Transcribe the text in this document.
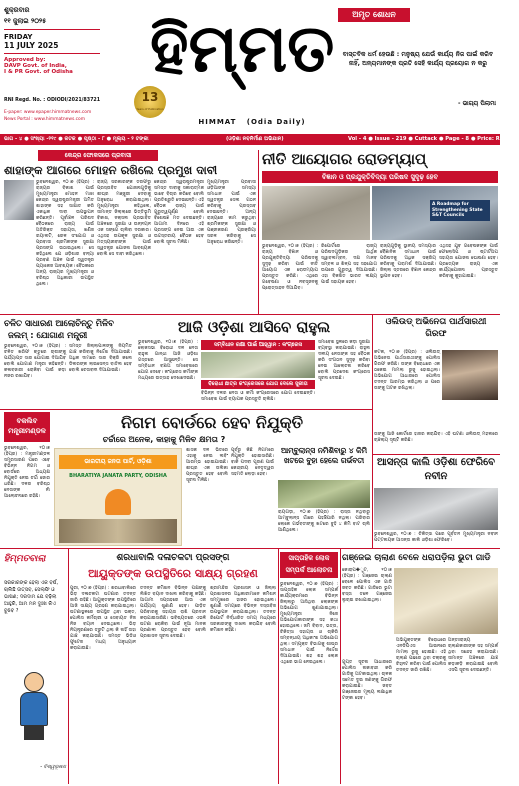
ଶୁକ୍ରବାର
୧୧ ଜୁଲାଇ ୨୦୨୫
FRIDAY
11 JULY 2025
Approved by:
DAVP Govt. of India,
I & PR Govt. of Odisha
RNI Regd. No. : ODIODI/2021/83721
E-paper: www.epaper.himmatnews.com
News Portal : www.himmatnews.com
ହିମ୍ମତ
13
Years of Publication
HIMMAT   (Odia Daily)
ଅମୃତ ଶୋଧନ
ବାସ୍ତବିକ ଧର୍ମ ହେଉଛି : ମନୁଷ୍ୟ ଯେଉଁ କାର୍ଯ୍ୟ ନିଜ ପାଇଁ କରିବ ନାହିଁ, ଅନ୍ୟମାନଙ୍କ ପ୍ରତି ସେହି କାର୍ଯ୍ୟ ପ୍ରୟୋଗ ନ କରୁ
- ଭାଗ୍ୟ ପିଲାମା
ଭାଗ - ୪ ● ସଂଖ୍ୟା -୨୧୯ ● କଟକ ● ପୃଷ୍ଠା - ୮ ● ମୂଲ୍ୟ - ୨ ଟଙ୍କା	(ଓଡ଼ିଶା ନବନିର୍ମାଣ ଅଭିଯାନ)	Vol - 4 ● Issue - 219 ● Cuttack ● Page - 8 ● Price: Rs. 2.00
କେନ୍ଦ୍ର ଫୋକସରେ ପ୍ରବାସୀ
ଶାହାଙ୍କ ଆଗରେ ମୋହନ ରଖିଲେ ପ୍ରମୁଖ ଦାବୀ
ଭୁବନେଶ୍ୱର, ୧୦।୭ (ହିପ୍ର) : ରାଜ୍ୟର ବିକାଶ ପାଇଁ ମୁଖ୍ୟମନ୍ତ୍ରୀ ମୋହନ ମାଝୀ କେନ୍ଦ୍ର ସ୍ୱରାଷ୍ଟ୍ରମନ୍ତ୍ରୀ ଅମିତ ଶାହାଙ୍କ ସହ ସାକ୍ଷାତ କରି ଏକାଧିକ ଦାବୀ ଉପସ୍ଥାପନ କରିଛନ୍ତି। ପୂର୍ବାଞ୍ଚଳ ପରିଷଦ ବୈଠକରେ ରାଜ୍ୟ ପାଇଁ ଅତିରିକ୍ତ ସହାୟତା, ଖଣିଜ ରୟାଲଟି, ରେଳ ସଂଯୋଗ ଓ ପ୍ରବାସୀ ଶ୍ରମିକଙ୍କ ସୁରକ୍ଷା ପ୍ରସଙ୍ଗ ଉଠାଇଥିଲେ। ସେ କହିଥିଲେ ଯେ ଓଡ଼ିଶାର ବନ୍ୟା ପ୍ରବଣ ଅଞ୍ଚଳ ପାଇଁ ସ୍ୱତନ୍ତ୍ର ପ୍ୟାକେଜ ଆବଶ୍ୟକ। ବୈଠକରେ ଅନ୍ୟ ରାଜ୍ୟର ମୁଖ୍ୟମନ୍ତ୍ରୀ ଓ ବରିଷ୍ଠ ଅଧିକାରୀ ଉପସ୍ଥିତ ଥିଲେ।
ରାଜ୍ୟ ସରକାରଙ୍କ ତରଫରୁ ପ୍ରସ୍ତାବିତ ଯୋଜନାଗୁଡ଼ିକୁ ଶୀଘ୍ର ମଞ୍ଜୁରୀ ଦେବାକୁ ଅନୁରୋଧ କରାଯାଇଥିଲା। ମୁଖ୍ୟମନ୍ତ୍ରୀ କହିଥିଲେ, ସୀମାନ୍ତ ଜିଲ୍ଲାରେ ଭିତ୍ତିଭୂମି ବିକାଶ, ନକ୍ସଲ ପ୍ରଭାବିତ ଅଞ୍ଚଳରେ ସୁରକ୍ଷା ଓ ଉନ୍ନୟନ ଏକ ସଙ୍ଗେ ଚାଲିବା ଦରକାର। ଏଥିସହ ଉପକୂଳ ସୁରକ୍ଷା ଓ ମତ୍ସ୍ୟଜୀବୀଙ୍କ ପାଇଁ ସ୍ୱତନ୍ତ୍ର ଯୋଜନା ଆବଶ୍ୟକ ବୋଲି ସେ ଦାବୀ କରିଥିଲେ।
କେନ୍ଦ୍ର ସ୍ୱରାଷ୍ଟ୍ରମନ୍ତ୍ରୀ ସମସ୍ତ ଦାବୀକୁ ସକାରାତ୍ମକ ଭାବେ ବିଚାର କରିବେ ବୋଲି ପ୍ରତିଶ୍ରୁତି ଦେଇଛନ୍ତି। ଏହି ବୈଠକ ରାଜ୍ୟ ପାଇଁ ଗୁରୁତ୍ୱପୂର୍ଣ୍ଣ ବୋଲି ବିଶେଷଜ୍ଞ ମତ ଦେଇଛନ୍ତି। ଆଗାମୀ ଦିନରେ ଏହି ପ୍ରସଙ୍ଗ ନେଇ ଆଉ ଏକ ଉଚ୍ଚସ୍ତରୀୟ ବୈଠକ ହେବ ବୋଲି ସୂଚନା ମିଳିଛି।
ମୁଖ୍ୟମନ୍ତ୍ରୀ ପ୍ରବାସୀ ଓଡ଼ିଆଙ୍କ ସମସ୍ୟା ସମାଧାନ ପାଇଁ ଏକ ସ୍ୱତନ୍ତ୍ର ସେଲ ଗଠନ କରିବାକୁ ପ୍ରସ୍ତାବ ଦେଇଛନ୍ତି। ଅନ୍ୟ ରାଜ୍ୟରେ କାମ କରୁଥିବା ଶ୍ରମିକଙ୍କ ସୁରକ୍ଷା ଓ ପଞ୍ଜୀକରଣ ପ୍ରକ୍ରିୟା ସରଳ କରିବାକୁ ସେ ଅନୁରୋଧ କରିଛନ୍ତି।
ନୀତି ଆୟୋଗର ରୋଡମ୍ୟାପ୍
ବିଜ୍ଞାନ ଓ ପ୍ରଯୁକ୍ତିବିଦ୍ୟା ପରିଷଦ ସୁଦୃଢ଼ ହେବ
A Roadmap for Strengthening State S&T Councils
ଭୁବନେଶ୍ୱର, ୧୦।୭ (ହିପ୍ର) : ରାଜ୍ୟ ବିଜ୍ଞାନ ଓ ପ୍ରଯୁକ୍ତିବିଦ୍ୟା ପରିଷଦକୁ ସୁଦୃଢ଼ କରିବା ପାଇଁ ନୀତି ଆୟୋଗ ଏକ ରୋଡମ୍ୟାପ ପ୍ରସ୍ତୁତ କରିଛି। ଏଥିରେ ଗବେଷଣା ଓ ନବସୃଜନକୁ ପ୍ରୋତ୍ସାହନ ଦିଆଯିବ।
ରିପୋର୍ଟରେ ରାଜ୍ୟ ପରିଷଦଗୁଡ଼ିକର ଆର୍ଥିକ ସ୍ୱାବଲମ୍ବନ, ଦକ୍ଷ ମାନବ ସମ୍ବଳ ଓ ଶିଳ୍ପ ସହ ସହଯୋଗ ଉପରେ ଗୁରୁତ୍ୱ ଦିଆଯାଇଛି। ଏହା ବିକଶିତ ଭାରତ ଲକ୍ଷ୍ୟ ପାଇଁ ସହାୟକ ହେବ।
ରାଜ୍ୟଗୁଡ଼ିକୁ ସ୍ଥାନୀୟ ସମସ୍ୟାର ବୈଜ୍ଞାନିକ ସମାଧାନ ପାଇଁ ପରିଷଦକୁ ଅଧିକ ସକ୍ରିୟ କରିବାକୁ ପରାମର୍ଶ ଦିଆଯାଇଛି। ଜିଲ୍ଲା ସ୍ତରରେ ବିଜ୍ଞାନ କେନ୍ଦ୍ର ସ୍ଥାପନ ହେବ।
ଏଥିସହ ଯୁବ ଗବେଷକଙ୍କ ପାଇଁ ଫେଲୋସିପ ଓ ଷ୍ଟାର୍ଟଅପ ସହାୟତା ଯୋଜନା ଘୋଷଣା ହେବ। ପ୍ରତ୍ୟେକ ରାଜ୍ୟ ଏକ କାର୍ଯ୍ୟଯୋଜନା ପ୍ରସ୍ତୁତ କରିବାକୁ କୁହାଯାଇଛି।
ଚଳିତ ସାଧାରଣ ଆଲୋଚିନ୍ତୁ ମିଳିବ
ଜଲମ୍ : ଯୋଗାଣ ମନ୍ତ୍ରୀ
ଭୁବନେଶ୍ୱର, ୧୦।୭ (ହିପ୍ର) : ଚଳିତ ଖରିଫ ଋତୁରେ ଚାଷୀଙ୍କୁ ପର୍ଯ୍ୟାପ୍ତ ସାର ଯୋଗାଇ ଦିଆଯିବ ବୋଲି ଯୋଗାଣ ମନ୍ତ୍ରୀ କହିଛନ୍ତି। କଳାବଜାରୀ ରୋକିବା ପାଇଁ କଡ଼ା ନଜର ରଖାଯିବ।
ସମସ୍ତ ଜିଲ୍ଲାପାଳଙ୍କୁ ନିୟମିତ ଯାଞ୍ଚ କରିବାକୁ ନିର୍ଦ୍ଦେଶ ଦିଆଯାଇଛି। ଅଧିକ ଦାମରେ ସାର ବିକ୍ରି କଲେ ଡିଲରଙ୍କ ଲାଇସେନ୍ସ ବାତିଲ ହେବ ବୋଲି ଚେତାବନୀ ଦିଆଯାଇଛି।
ଆଜି ଓଡ଼ିଶା ଆସିବେ ରାହୁଲ
ଭୁବନେଶ୍ୱର, ୧୦।୭ (ହିପ୍ର) : ଲୋକସଭା ବିରୋଧୀ ଦଳ ନେତା ରାହୁଲ ଗାନ୍ଧୀ ଆଜି ଓଡ଼ିଶା ଗସ୍ତରେ ଆସୁଛନ୍ତି। ସେ ସମ୍ବିଧାନ ବଞ୍ଚାଅ ସମାବେଶରେ ଯୋଗ ଦେବେ। କଂଗ୍ରେସ କର୍ମୀଙ୍କ ମଧ୍ୟରେ ଉତ୍ସାହ ଦେଖାଦେଇଛି।
ସମ୍ବିଧାନ ରକ୍ଷା ପାଇଁ ଆହ୍ୱାନ : କଂଗ୍ରେସ
ବିରୋଧୀ ଛାତ୍ର କଂଗ୍ରେସରେ ଯୋଗ ଦେଲେ ସୁରୀତା
ବିଭିନ୍ନ ଦଳର ନେତା ଓ କର୍ମୀ କଂଗ୍ରେସରେ ଯୋଗ ଦେଇଛନ୍ତି। ସମାବେଶ ପାଇଁ ବ୍ୟାପକ ପ୍ରସ୍ତୁତି ଚାଲିଛି।
ସମାବେଶ ସ୍ଥଳରେ କଡ଼ା ସୁରକ୍ଷା ବ୍ୟବସ୍ଥା କରାଯାଇଛି। ରାହୁଲ ଦଳୀୟ ନେତାଙ୍କ ସହ ବୈଠକ କରି ସଂଗଠନ ସୁଦୃଢ଼ କରିବା ନେଇ ଆଲୋଚନା କରିବେ ବୋଲି ପ୍ରଦେଶ କଂଗ୍ରେସ ସୂଚନା ଦେଇଛି।
ଓଲିଉଡ୍ ଅଭିନେତା ପାର୍ଥସାରଥୀ ଗିରଫ
କଟକ, ୧୦।୭ (ହିପ୍ର) : ଓଲିଉଡ୍ ଅଭିନେତା ପାର୍ଥସାରଥୀଙ୍କୁ ପୋଲିସ ଗିରଫ କରିଛି। ତାଙ୍କ ବିରୋଧରେ ଏକ ଠକେଇ ମାମଲା ରୁଜୁ ହୋଇଥିଲା। ଅଭିଯୋଗ ଆଧାରରେ ପୋଲିସ ତଦନ୍ତ ଆରମ୍ଭ କରିଥିଲା ଓ ପରେ ତାଙ୍କୁ ଅଟକ ରଖିଥିଲା।
ତାଙ୍କୁ ଆଜି କୋର୍ଟରେ ହାଜର କରାଯିବ। ଏହି ଘଟଣା ଓଲିଉଡ୍ ମହଲରେ ଚାଞ୍ଚଲ୍ୟ ସୃଷ୍ଟି କରିଛି।
ବକଲିବ ମନ୍ତ୍ରୀମଣ୍ଡଳ	ନିଗମ ବୋର୍ଡରେ ହେବ ନିଯୁକ୍ତି
ଚର୍ଚ୍ଚାରେ ଅନେକ, କାହାକୁ ମିଳିବ କ୍ଷମତା ?
ଭୁବନେଶ୍ୱର, ୧୦।୭ (ହିପ୍ର) : ମନ୍ତ୍ରୀମଣ୍ଡଳ ସମ୍ପ୍ରସାରଣ ପରେ ଏବେ ବିଭିନ୍ନ ନିଗମ ଓ ବୋର୍ଡରେ ଅଧ୍ୟକ୍ଷ ନିଯୁକ୍ତି ନେଇ ଚର୍ଚ୍ଚା ଜୋର ଧରିଛି। ଦଳର ବରିଷ୍ଠ ନେତାଙ୍କ ନାଁ ଆଲୋଚନାରେ ରହିଛି।
ଭାରତୀୟ ଜନତା ପାର୍ଟି, ଓଡ଼ିଶା
BHARATIYA JANATA PARTY, ODISHA
ଶାସକ ଦଳ ଭିତରେ ଏହାକୁ ନେଇ ଲବିଂ ଆରମ୍ଭ ହୋଇଯାଇଛି। ଶୀଘ୍ର ଏକ ତାଲିକା ପ୍ରସ୍ତୁତ ହେବ ବୋଲି ସୂଚନା ମିଳିଛି।
ପୂର୍ବରୁ କିଛି ନିଗମରେ ନିଯୁକ୍ତି ହୋଇସାରିଛି। ବାକି ପଦବୀ ପୂରଣ ପାଇଁ କେନ୍ଦ୍ରୀୟ ନେତୃତ୍ୱର ସହମତି ଲୋଡ଼ା ହେବ।
ଆମ୍ବୁଲାନ୍ସ ନମିଶିବାରୁ ୪ କିମି ଖଟରେ ବୁହା ହେଲେ ଗର୍ଭବତୀ
ରାୟଗଡ଼ା, ୧୦।୭ (ହିପ୍ର) : ରାସ୍ତା ନଥିବାରୁ ଆମ୍ବୁଲାନ୍ସ ଗାଁରେ ପହଞ୍ଚିପାରି ନଥିଲା। ପରିବାର ଲୋକେ ଗର୍ଭବତୀଙ୍କୁ ଖଟରେ ବୁହି ୪ କିମି ବାଟ ଚାଲି ଆଣିଥିଲେ।
ଆସନ୍ତା କାଲି ଓଡ଼ିଶା ଫେରିବେ ନବୀନ
ଭୁବନେଶ୍ୱର, ୧୦।୭ : ଚିକିତ୍ସା ପରେ ପୂର୍ବତନ ମୁଖ୍ୟମନ୍ତ୍ରୀ ନବୀନ ପଟ୍ଟନାୟକ ଆସନ୍ତା କାଲି ଓଡ଼ିଶା ଫେରିବେ।
ହିମ୍ମତବାଲା
ସରକାରଙ୍କ ହେଲା ଏକ ବର୍ଷ, ଚାଲିଛି ଉତ୍ସବ, ସେଲ୍ଫି ଓ ଭାଷଣ; ଦରଦାମ ଯେ ବଢ଼ିଲା ଆହୁରି, ଆମ ମନ ଦୁଃଖ କିଏ ବୁଝିବ ?
- ବିଶ୍ୱଭୂଷଣ
ଶରଧାବାଲି ଦଳାଚକଟା ପ୍ରସଙ୍ଗ
ଆୟୁକ୍ତଙ୍କ ଉପସ୍ଥିତିରେ ସାକ୍ଷ୍ୟ ଗ୍ରହଣ
ପୁରୀ, ୧୦।୭ (ହିପ୍ର) : ଶରଧାବାଲିରେ ଭିଡ଼ ଦଳାଚକଟା ଘଟଣାର ତଦନ୍ତ ଜାରି ରହିଛି। ଆୟୁକ୍ତଙ୍କ ଉପସ୍ଥିତିରେ ଆଜି ସାକ୍ଷ୍ୟ ଗ୍ରହଣ କରାଯାଇଥିଲା। ଘଟଣାସ୍ଥଳରେ ଉପସ୍ଥିତ ଥିବା ଭକ୍ତ, ପୋଲିସ କର୍ମଚାରୀ ଓ ସେବାୟତ ନିଜ ନିଜ ବୟାନ ଦେଇଥିଲେ। ଭିଡ଼ ନିୟନ୍ତ୍ରଣରେ ତ୍ରୁଟି ଥିଲା କି ନାହିଁ ତାହା ଯାଞ୍ଚ କରାଯାଉଛି। ସମସ୍ତ ଭିଡିଓ ଫୁଟେଜ ମଧ୍ୟ ଅନୁଧ୍ୟାନ କରାଯାଉଛି।
ତଦନ୍ତ କମିଶନ ବିଭିନ୍ନ ପକ୍ଷଙ୍କୁ ଲିଖିତ ବୟାନ ଦାଖଲ କରିବାକୁ କହିଛି। ଆଗାମୀ ସପ୍ତାହରେ ଆଉ ଏକ ପର୍ଯ୍ୟାୟ ଶୁଣାଣି ହେବ। ପୀଡ଼ିତ ପରିବାରକୁ ସହାୟତା ରାଶି ପ୍ରଦାନ କରାଯାଇସାରିଛି। ଭବିଷ୍ୟତରେ ଏଭଳି ଘଟଣା ରୋକିବା ପାଇଁ ନୂଆ ମାନକ ପ୍ରଣାଳୀ ପ୍ରସ୍ତୁତ ହେବ ବୋଲି ପ୍ରଶାସନ ସୂଚନା ଦେଇଛି।
ଶ୍ରୀମନ୍ଦିର ପ୍ରଶାସନ ଓ ଜିଲ୍ଲା ପ୍ରଶାସନର ଅଧିକାରୀମାନେ କମିଶନ ସମ୍ମୁଖରେ ହାଜର ହୋଇଥିଲେ। ଶୁଣାଣି ସମୟରେ ବିଭିନ୍ନ ଦସ୍ତାବିଜ ଉପସ୍ଥାପନ କରାଯାଇଥିଲା। ତଦନ୍ତ ରିପୋର୍ଟ ନିର୍ଦ୍ଧାରିତ ସମୟ ମଧ୍ୟରେ ସରକାରଙ୍କୁ ଦାଖଲ କରାଯିବ ବୋଲି କମିଶନ କହିଛି।
ସାପ୍ତାହିକ ଲୋକ
ସମ୍ପର୍କ ଆଲୋଚନା
ଭୁବନେଶ୍ୱର, ୧୦।୭ (ହିପ୍ର) : ସାପ୍ତାହିକ ଲୋକ ସମ୍ପର୍କ କାର୍ଯ୍ୟକ୍ରମରେ ବିଭିନ୍ନ ଜିଲ୍ଲାରୁ ଆସିଥିବା ଲୋକଙ୍କ ଅଭିଯୋଗ ଶୁଣାଯାଇଥିଲା। ମୁଖ୍ୟମନ୍ତ୍ରୀ ନିଜେ ଅଭିଯୋଗକାରୀଙ୍କ ସହ କଥା ହୋଇଥିଲେ। ଜମି ବିବାଦ, ଭତ୍ତା, ଚିକିତ୍ସା ସହାୟତା ଓ ଚାକିରି ସମ୍ବନ୍ଧୀୟ ଅଧିକାଂଶ ଅଭିଯୋଗ ଥିଲା। ସମ୍ପୃକ୍ତ ବିଭାଗକୁ ଶୀଘ୍ର ସମାଧାନ ପାଇଁ ନିର୍ଦ୍ଦେଶ ଦିଆଯାଇଛି। ଶହ ଶହ ଲୋକ ଏଥିରେ ଭାଗ ନେଇଥିଲେ।
ଗଞ୍ଜେଇ ଚାଲାଣ ବେଳେ ଧରାପଡ଼ିଲା ଭୁଟା ଗାଡି
କୋରାପ�ୁଟ, ୧୦।୭ (ହିପ୍ର) : ଗଞ୍ଜେଇ ଚାଲାଣ ବେଳେ ପୋଲିସ ଏକ ଗାଡି ଜବତ କରିଛି। ଗାଡିରେ ଭୁଟା ବସ୍ତା ତଳେ ଗଞ୍ଜେଇ ଲୁଚାଇ ରଖାଯାଇଥିଲା।
ଗୁପ୍ତ ସୂଚନା ଆଧାରରେ ପୋଲିସ ନାକାବନ୍ଦୀ କରି ଗାଡିକୁ ଅଟକାଇଥିଲା। ଚାଳକ ସମେତ ଦୁଇ ଜଣଙ୍କୁ ଗିରଫ କରାଯାଇଛି। ଜବତ ଗଞ୍ଜେଇର ମୂଲ୍ୟ ଲକ୍ଷାଧିକ ଟଙ୍କା ହେବ।
ଅଭିଯୁକ୍ତଙ୍କ ବିରୋଧରେ ଏନଡିପିଏସ ଆଇନରେ ମାମଲା ରୁଜୁ ହୋଇଛି। ଏହି ଚାଲାଣ ପଛରେ ଥିବା ଚକ୍ରକୁ ଚିହ୍ନଟ କରିବା ପାଇଁ ପୋଲିସ ତଦନ୍ତ ଜାରି ରଖିଛି।
ଅନ୍ତଃରାଜ୍ୟ ଚାଲାଣକାରୀଙ୍କ ସହ ସମ୍ପର୍କ ଥିବା ସନ୍ଦେହ କରାଯାଉଛି। ସୀମାନ୍ତ ଅଞ୍ଚଳରେ ଯାଞ୍ଚ କଡ଼ାକଡ଼ି କରାଯାଇଛି ବୋଲି ଏସପି ସୂଚନା ଦେଇଛନ୍ତି।
